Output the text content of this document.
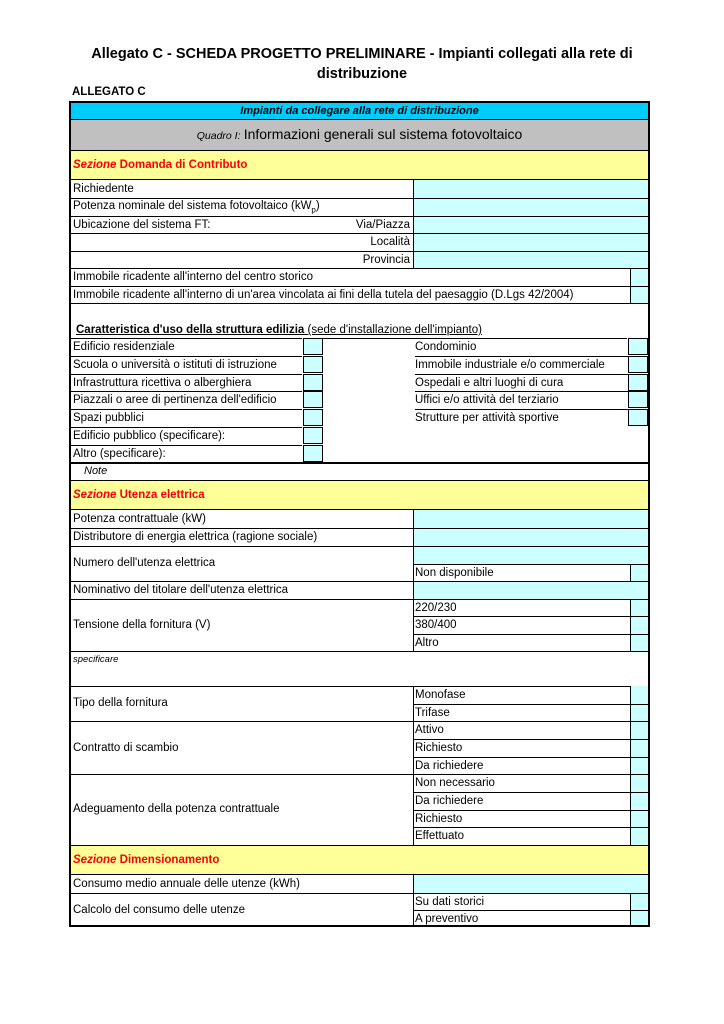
Allegato C - SCHEDA PROGETTO PRELIMINARE - Impianti collegati alla rete di
distribuzione
ALLEGATO C
Impianti da collegare alla rete di distribuzione
Quadro I: Informazioni generali sul sistema fotovoltaico
Sezione Domanda di Contributo
Richiedente
Potenza nominale del sistema fotovoltaico $(kW_p)$
Ubicazione del sistema FT:	Via/Piazza
Località
Provincia
Immobile ricadente all'interno del centro storico
Immobile ricadente all'interno di un'area vincolata ai fini della tutela del paesaggio (D.Lgs 42/2004)
Caratteristica d'uso della struttura edilizia (sede d'installazione dell'impianto)
Edificio residenziale
Scuola o università o istituti di istruzione
Infrastruttura ricettiva o alberghiera
Piazzali o aree di pertinenza dell'edificio
Spazi pubblici
Edificio pubblico (specificare):
Altro (specificare):
Condominio
Immobile industriale e/o commerciale
Ospedali e altri luoghi di cura
Uffici e/o attività del terziario
Strutture per attività sportive
Note
Sezione Utenza elettrica
Potenza contrattuale (kW)
Distributore di energia elettrica (ragione sociale)
Numero dell'utenza elettrica
Non disponibile
Nominativo del titolare dell'utenza elettrica
Tensione della fornitura (V)
220/230
380/400
Altro
specificare
Tipo della fornitura
Monofase
Trifase
Contratto di scambio
Attivo
Richiesto
Da richiedere
Adeguamento della potenza contrattuale
Non necessario
Da richiedere
Richiesto
Effettuato
Sezione Dimensionamento
Consumo medio annuale delle utenze (kWh)
Calcolo del consumo delle utenze
Su dati storici
A preventivo
